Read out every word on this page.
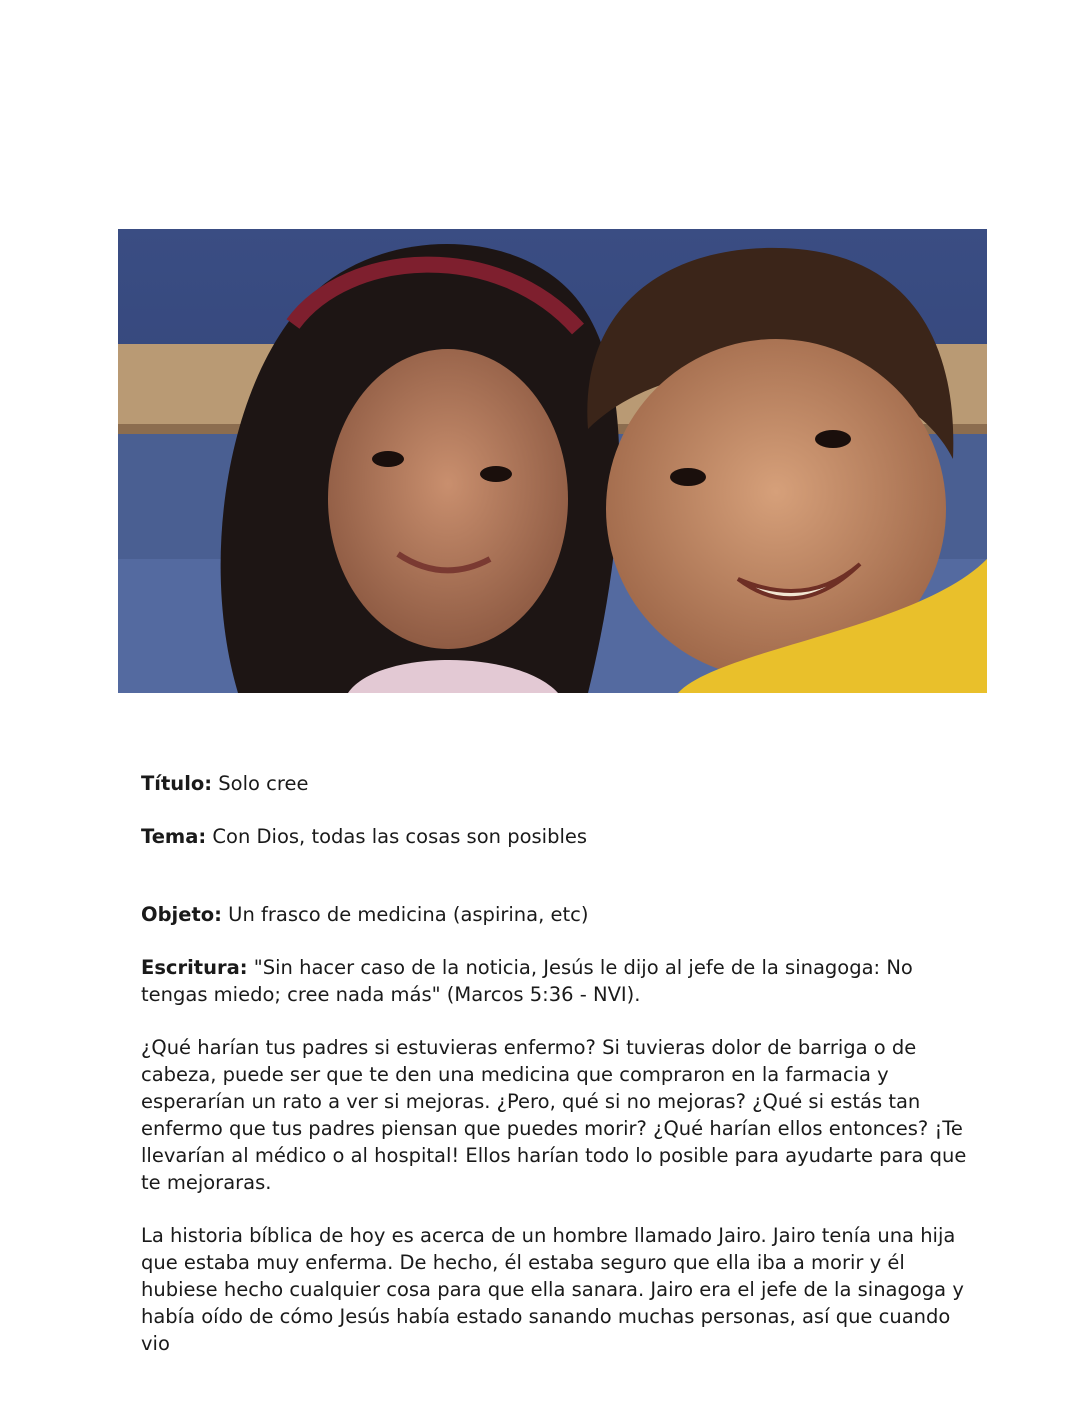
Título: Solo cree

Tema: Con Dios, todas las cosas son posibles

Objeto: Un frasco de medicina (aspirina, etc)

Escritura: "Sin hacer caso de la noticia, Jesús le dijo al jefe de la sinagoga: No tengas miedo; cree nada más" (Marcos 5:36 - NVI).

¿Qué harían tus padres si estuvieras enfermo? Si tuvieras dolor de barriga o de cabeza, puede ser que te den una medicina que compraron en la farmacia y esperarían un rato a ver si mejoras. ¿Pero, qué si no mejoras? ¿Qué si estás tan enfermo que tus padres piensan que puedes morir? ¿Qué harían ellos entonces? ¡Te llevarían al médico o al hospital! Ellos harían todo lo posible para ayudarte para que te mejoraras.

La historia bíblica de hoy es acerca de un hombre llamado Jairo. Jairo tenía una hija que estaba muy enferma. De hecho, él estaba seguro que ella iba a morir y él hubiese hecho cualquier cosa para que ella sanara. Jairo era el jefe de la sinagoga y había oído de cómo Jesús había estado sanando muchas personas, así que cuando vio
